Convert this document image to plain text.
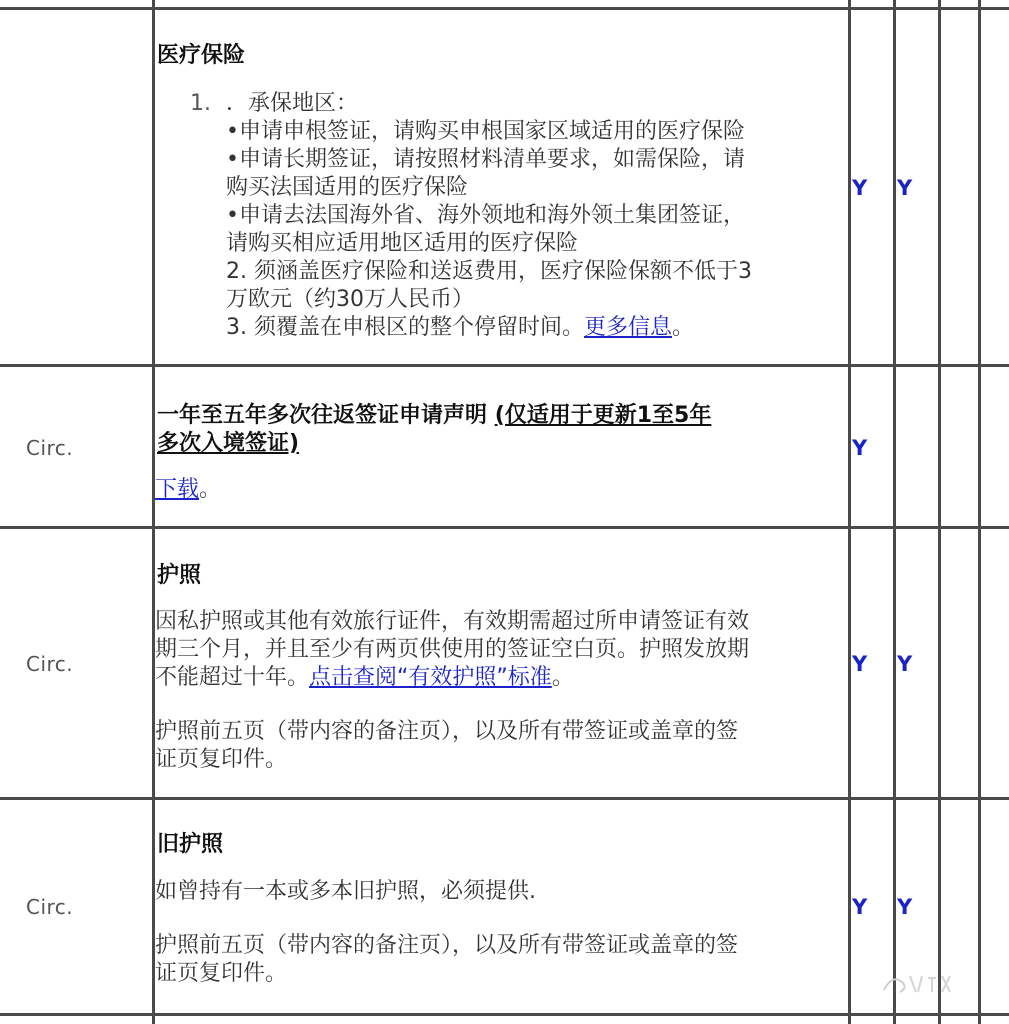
医疗保险
1. ．承保地区：
•申请申根签证，请购买申根国家区域适用的医疗保险
•申请长期签证，请按照材料清单要求，如需保险，请
购买法国适用的医疗保险
•申请去法国海外省、海外领地和海外领土集团签证，
请购买相应适用地区适用的医疗保险
2. 须涵盖医疗保险和送返费用，医疗保险保额不低于3
万欧元（约30万人民币）
3. 须覆盖在申根区的整个停留时间。更多信息。
Y Y
Circ.
一年至五年多次往返签证申请声明 (仅适用于更新1至5年
多次入境签证)
下载。
Y
Circ.
护照
因私护照或其他有效旅行证件，有效期需超过所申请签证有效
期三个月，并且至少有两页供使用的签证空白页。护照发放期
不能超过十年。点击查阅“有效护照”标准。
护照前五页（带内容的备注页），以及所有带签证或盖章的签
证页复印件。
Y Y
Circ.
旧护照
如曾持有一本或多本旧护照，必须提供.
护照前五页（带内容的备注页），以及所有带签证或盖章的签
证页复印件。
Y Y
